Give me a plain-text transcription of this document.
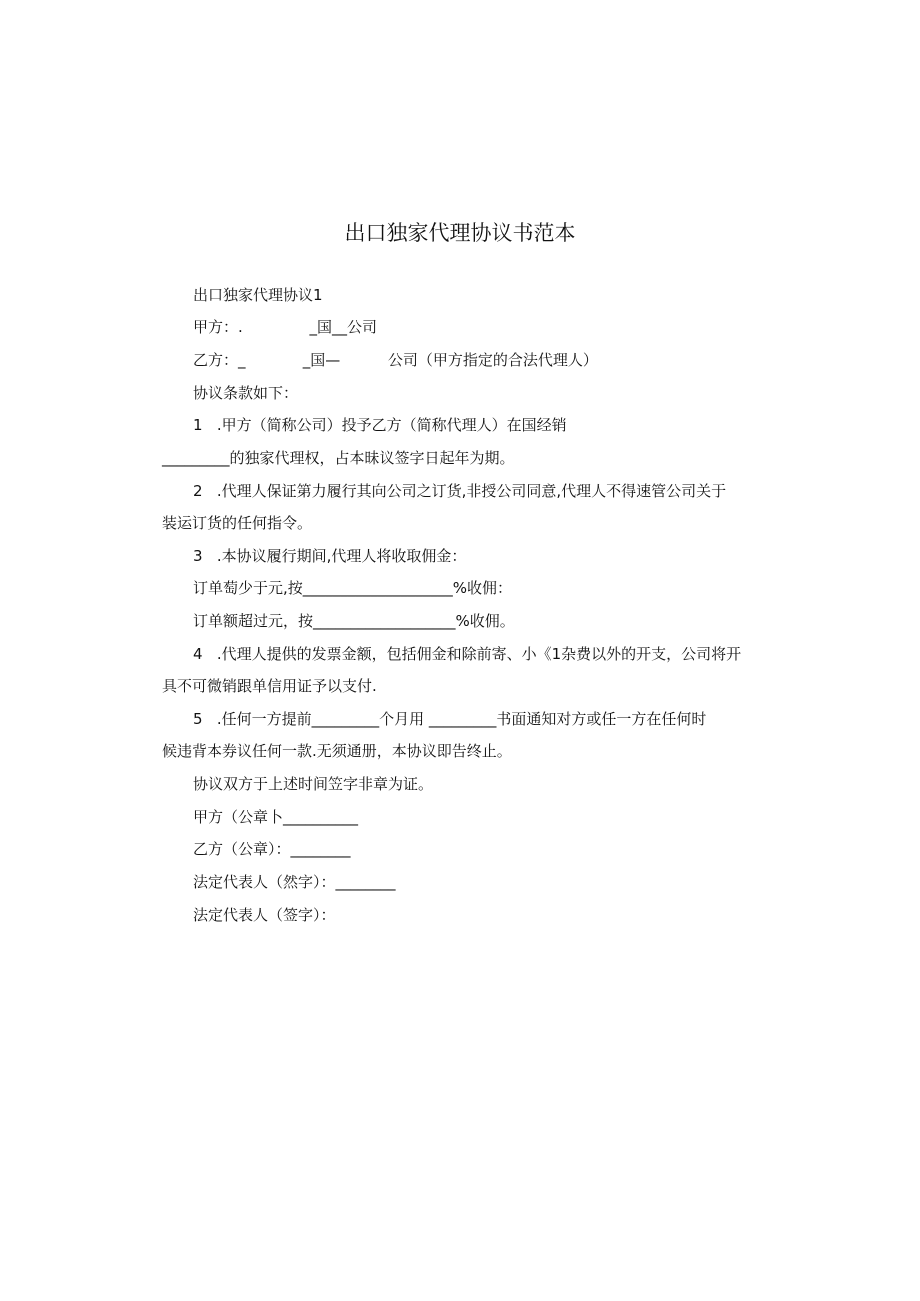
出口独家代理协议书范本
出口独家代理协议1
甲方：.              _国__公司
乙方：_            _国—          公司（甲方指定的合法代理人）
协议条款如下：
1   .甲方（简称公司）投予乙方（简称代理人）在国经销
_________的独家代理权，占本昧议签字日起年为期。
2   .代理人保证第力履行其向公司之订货,非授公司同意,代理人不得速管公司关于
装运订货的任何指令。
3   .本协议履行期间,代理人将收取佣金：
订单萄少于元,按____________________%收佣：
订单额超过元，按___________________%收佣。
4   .代理人提供的发票金额，包括佣金和除前寄、小《1杂费以外的开支，公司将开
具不可微销跟单信用证予以支付.
5   .任何一方提前_________个月用 _________书面通知对方或任一方在任何时
候违背本券议任何一款.无须通册，本协议即告终止。
协议双方于上述时间笠字非章为证。
甲方（公章卜__________
乙方（公章）：________
法定代表人（然字）：________
法定代表人（签字）：
